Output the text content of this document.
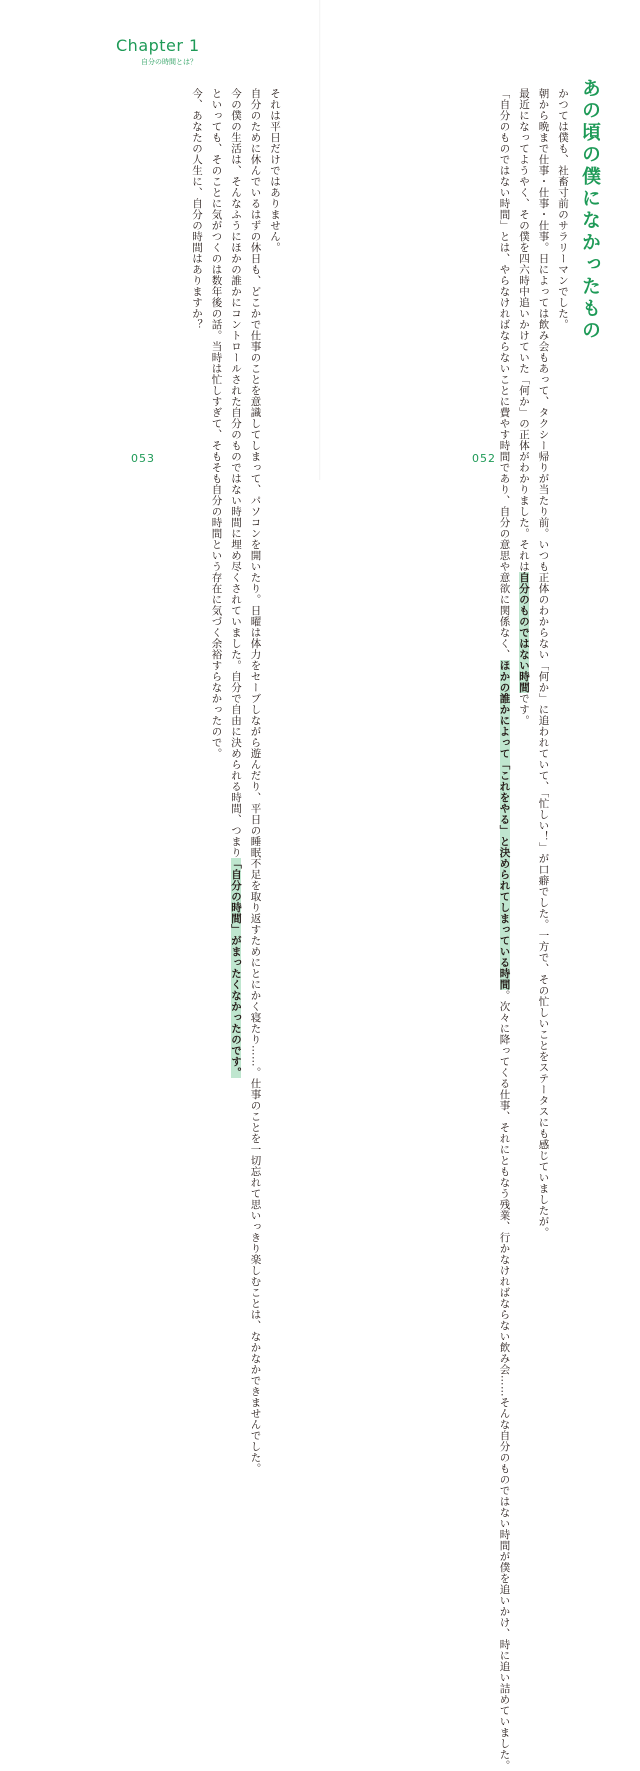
Chapter 1
自分の時間とは？

それは平日だけではありません。

自分のために休んでいるはずの休日も、どこかで仕事のことを意識してしまって、パソコンを開いたり。日曜は体力をセーブしながら遊んだり、平日の睡眠不足を取り返すためにとにかく寝たり……。仕事のことを一切忘れて思いっきり楽しむことは、なかなかできませんでした。

今の僕の生活は、そんなふうにほかの誰かにコントロールされた自分のものではない時間に埋め尽くされていました。自分で自由に決められる時間、つまり「自分の時間」がまったくなかったのです。

といっても、そのことに気がつくのは数年後の話。当時は忙しすぎて、そもそも自分の時間という存在に気づく余裕すらなかったので。

今、あなたの人生に、自分の時間はありますか？

053
あの頃の僕になかったもの

かつては僕も、社畜寸前のサラリーマンでした。

朝から晩まで仕事・仕事・仕事。日によっては飲み会もあって、タクシー帰りが当たり前。いつも正体のわからない「何か」に追われていて、「忙しい！」が口癖でした。一方で、その忙しいことをステータスにも感じていましたが。

最近になってようやく、その僕を四六時中追いかけていた「何か」の正体がわかりました。それは自分のものではない時間です。

「自分のものではない時間」とは、やらなければならないことに費やす時間であり、自分の意思や意欲に関係なく、ほかの誰かによって「これをやる」と決められてしまっている時間。次々に降ってくる仕事、それにともなう残業、行かなければならない飲み会……そんな自分のものではない時間が僕を追いかけ、時に追い詰めていました。

052
